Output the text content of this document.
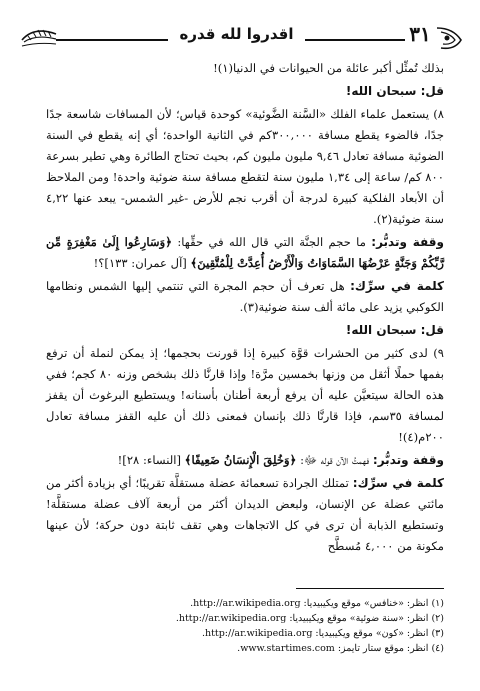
اقدروا لله قدره	٣١

بذلك تُمثِّل أكبر عائلة من الحيوانات في الدنيا(١)!

قل: سبحان الله!

٨) يستعمل علماء الفلك «السَّنة الضَّوئية» كوحدة قياس؛ لأن المسافات شاسعة جدًا جدًا، فالضوء يقطع مسافة ٣٠٠,٠٠٠كم في الثانية الواحدة؛ أي إنه يقطع في السنة الضوئية مسافة تعادل ٩,٤٦ مليون مليون كم، بحيث تحتاج الطائرة وهي تطير بسرعة ٨٠٠ كم/ ساعة إلى ١,٣٤ مليون سنة لتقطع مسافة سنة ضوئية واحدة! ومن الملاحظ أن الأبعاد الفلكية كبيرة لدرجة أن أقرب نجم للأرض -غير الشمس- يبعد عنها ٤,٢٢ سنة ضوئية(٢).

وقفة وتدبُّر: ما حجم الجنَّة التي قال الله في حقِّها: ﴿وَسَارِعُوا إِلَىٰ مَغْفِرَةٍ مِّن رَّبِّكُمْ وَجَنَّةٍ عَرْضُهَا السَّمَاوَاتُ وَالْأَرْضُ أُعِدَّتْ لِلْمُتَّقِينَ﴾ [آل عمران: ١٣٣]؟!

كلمة في سرِّك: هل تعرف أن حجم المجرة التي تنتمي إليها الشمس ونظامها الكوكبي يزيد على مائة ألف سنة ضوئية(٣).

قل: سبحان الله!

٩) لدى كثير من الحشرات قوَّة كبيرة إذا قورنت بحجمها؛ إذ يمكن لنملة أن ترفع بفمها حملًا أثقل من وزنها بخمسين مرَّة! وإذا قارنَّا ذلك بشخص وزنه ٨٠ كجم؛ ففي هذه الحالة سيتعيَّن عليه أن يرفع أربعة أطنان بأسنانه! ويستطيع البرغوث أن يقفز لمسافة ٣٥سم، فإذا قارنَّا ذلك بإنسان فمعنى ذلك أن عليه القفز مسافة تعادل ٢٠٠م(٤)!

وقفة وتدبُّر: فهمتُ الآن قوله ﷻ: ﴿وَخُلِقَ الْإِنسَانُ ضَعِيفًا﴾ [النساء: ٢٨]!

كلمة في سرِّك: تمتلك الجرادة تسعمائة عضلة مستقلَّة تقريبًا؛ أي بزيادة أكثر من مائتي عضلة عن الإنسان، ولبعض الديدان أكثر من أربعة آلاف عضلة مستقلَّة! وتستطيع الذبابة أن ترى في كل الاتجاهات وهي تقف ثابتة دون حركة؛ لأن عينها مكونة من ٤,٠٠٠ مُسطَّح

(١) انظر: «خنافس» موقع ويكيبيديا: http://ar.wikipedia.org.
(٢) انظر: «سنة ضوئية» موقع ويكيبيديا: http://ar.wikipedia.org.
(٣) انظر: «كون» موقع ويكيبيديا: http://ar.wikipedia.org.
(٤) انظر: موقع ستار تايمز: www.startimes.com.
